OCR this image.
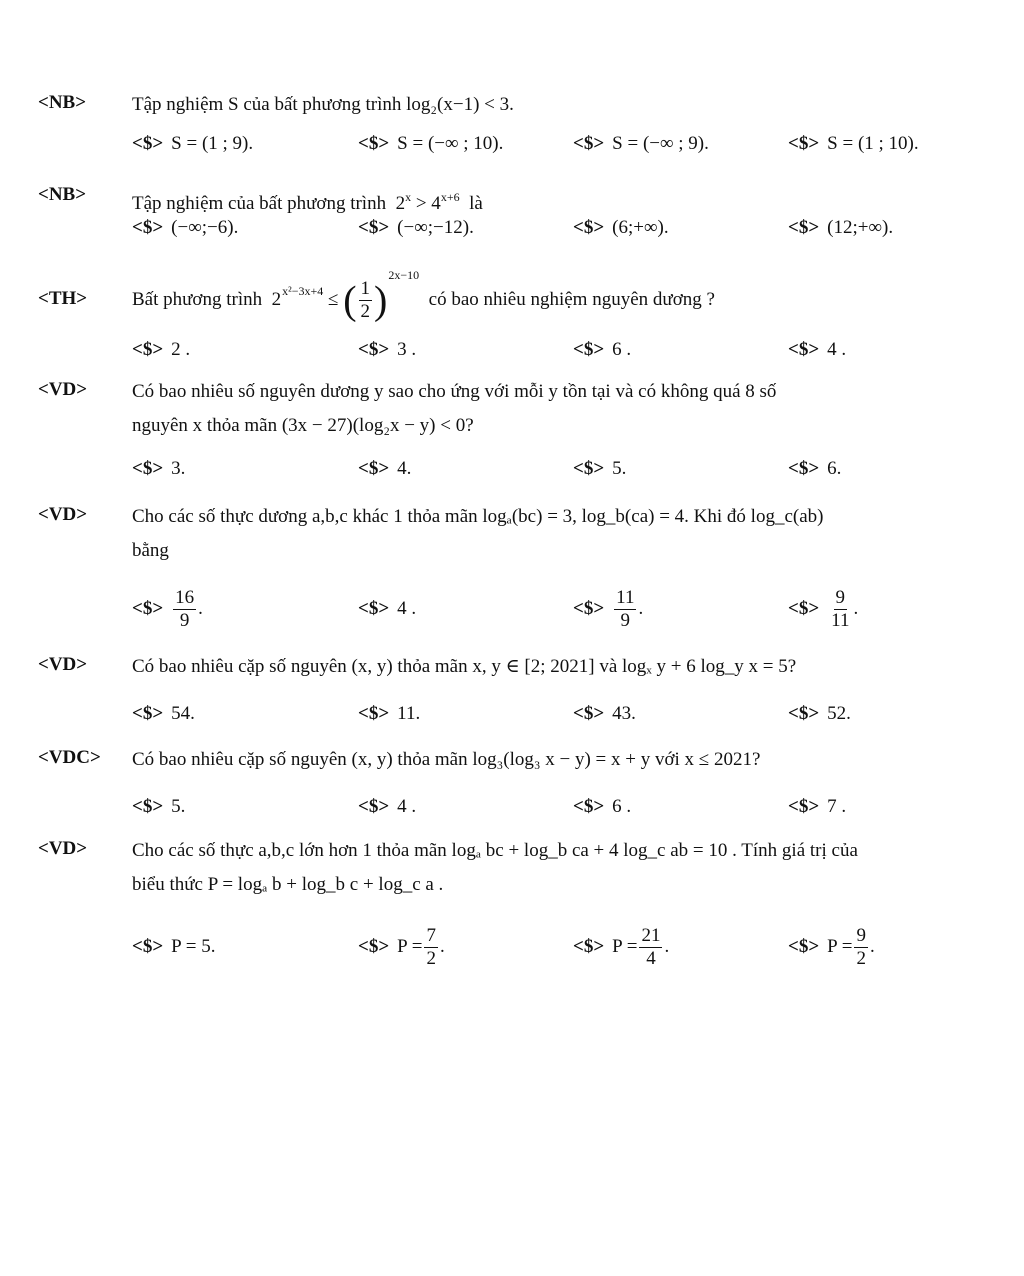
<NB> Tập nghiệm S của bất phương trình log₂(x−1) < 3.
<$> S = (1 ; 9).	<$> S = (−∞ ; 10).	<$> S = (−∞ ; 9).	<$> S = (1 ; 10).
<NB> Tập nghiệm của bất phương trình $2^x > 4^{x+6}$ là
<$> (−∞;−6).	<$> (−∞;−12).	<$> (6;+∞).	<$> (12;+∞).
<TH> Bất phương trình $2^{x^2-3x+4}$ ≤ ( $\frac{1}{2} )^{2x-10}$  có bao nhiêu nghiệm nguyên dương ?
<$> 2 .	<$> 3 .	<$> 6 .	<$> 4 .
<VD> Có bao nhiêu số nguyên dương y sao cho ứng với mỗi y tồn tại và có không quá 8 số
nguyên x thỏa mãn (3x − 27)(log₂x − y) < 0?
<$> 3.	<$> 4.	<$> 5.	<$> 6.
<VD> Cho các số thực dương a,b,c khác 1 thỏa mãn logₐ(bc) = 3, log_b(ca) = 4. Khi đó log_c(ab)
bằng
<$> $\frac{16}{9}$ .	<$> 4 .	<$> $\frac{11}{9}$ .	<$> $\frac{9}{11}$ .
<VD> Có bao nhiêu cặp số nguyên (x, y) thỏa mãn x, y ∈ [2; 2021] và logₓ y + 6 log_y x = 5?
<$> 54.	<$> 11.	<$> 43.	<$> 52.
<VDC> Có bao nhiêu cặp số nguyên (x, y) thỏa mãn log₃(log₃ x − y) = x + y với x ≤ 2021?
<$> 5.	<$> 4 .	<$> 6 .	<$> 7 .
<VD> Cho các số thực a,b,c lớn hơn 1 thỏa mãn logₐ bc + log_b ca + 4 log_c ab = 10 . Tính giá trị của
biểu thức P = logₐ b + log_b c + log_c a .
<$> P = 5.	<$> $P = \frac{7}{2}$ .	<$> $P = \frac{21}{4}$ .	<$> $P = \frac{9}{2}$ .
